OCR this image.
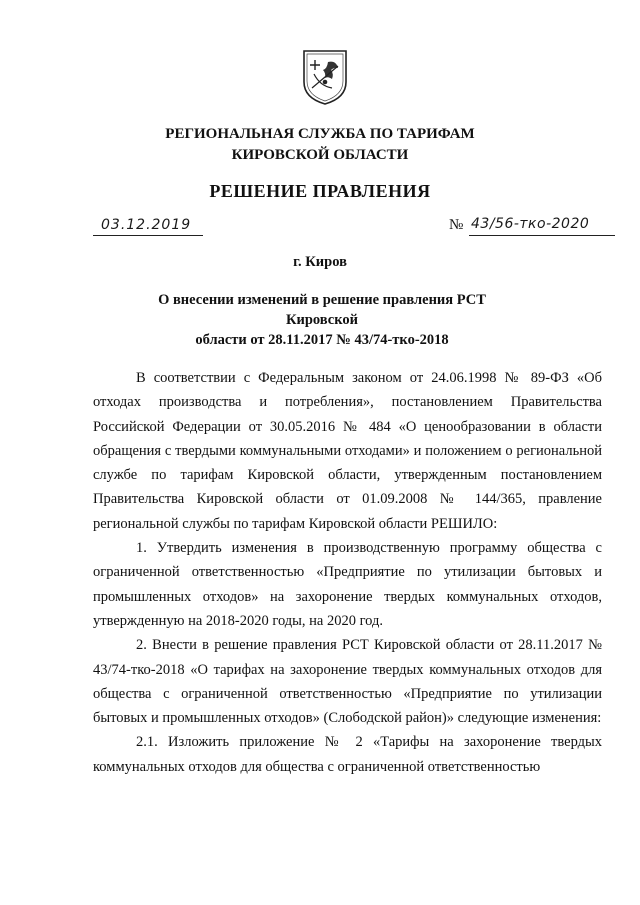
РЕГИОНАЛЬНАЯ СЛУЖБА ПО ТАРИФАМ
КИРОВСКОЙ ОБЛАСТИ
РЕШЕНИЕ ПРАВЛЕНИЯ
03.12.2019	№ 43/56-тко-2020
г. Киров
О внесении изменений в решение правления РСТ Кировской
области от 28.11.2017 № 43/74-тко-2018

В соответствии с Федеральным законом от 24.06.1998 № 89-ФЗ «Об отходах производства и потребления», постановлением Правительства Российской Федерации от 30.05.2016 № 484 «О ценообразовании в области обращения с твердыми коммунальными отходами» и положением о региональной службе по тарифам Кировской области, утвержденным постановлением Правительства Кировской области от 01.09.2008 № 144/365, правление региональной службы по тарифам Кировской области РЕШИЛО:

1. Утвердить изменения в производственную программу общества с ограниченной ответственностью «Предприятие по утилизации бытовых и промышленных отходов» на захоронение твердых коммунальных отходов, утвержденную на 2018-2020 годы, на 2020 год.

2. Внести в решение правления РСТ Кировской области от 28.11.2017 № 43/74-тко-2018 «О тарифах на захоронение твердых коммунальных отходов для общества с ограниченной ответственностью «Предприятие по утилизации бытовых и промышленных отходов» (Слободской район)» следующие изменения:

2.1. Изложить приложение № 2 «Тарифы на захоронение твердых коммунальных отходов для общества с ограниченной ответственностью
